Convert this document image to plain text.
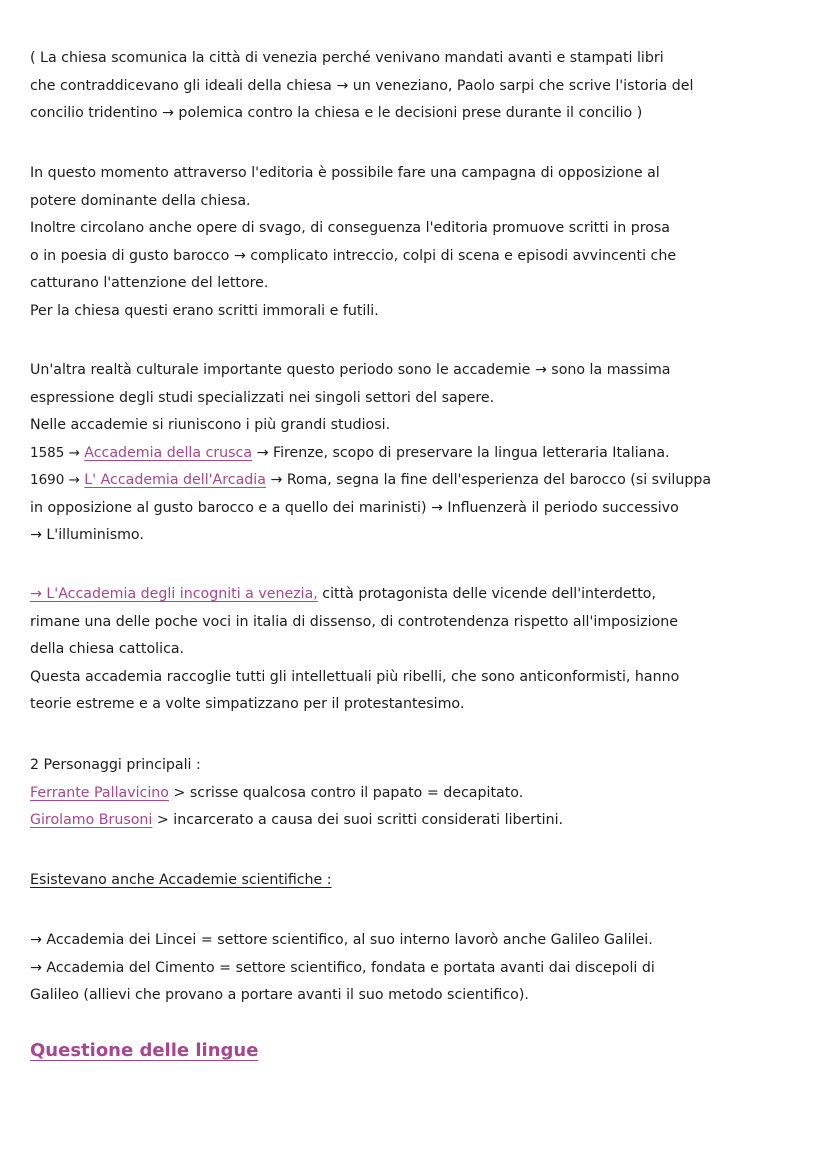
( La chiesa scomunica la città di venezia perché venivano mandati avanti e stampati libri
che contraddicevano gli ideali della chiesa → un veneziano, Paolo sarpi che scrive l'istoria del
concilio tridentino → polemica contro la chiesa e le decisioni prese durante il concilio )
In questo momento attraverso l'editoria è possibile fare una campagna di opposizione al
potere dominante della chiesa.
Inoltre circolano anche opere di svago, di conseguenza l'editoria promuove scritti in prosa
o in poesia di gusto barocco → complicato intreccio, colpi di scena e episodi avvincenti che
catturano l'attenzione del lettore.
Per la chiesa questi erano scritti immorali e futili.
Un'altra realtà culturale importante questo periodo sono le accademie → sono la massima
espressione degli studi specializzati nei singoli settori del sapere.
Nelle accademie si riuniscono i più grandi studiosi.
1585 → Accademia della crusca → Firenze, scopo di preservare la lingua letteraria Italiana.
1690 → L' Accademia dell'Arcadia → Roma, segna la fine dell'esperienza del barocco (si sviluppa
in opposizione al gusto barocco e a quello dei marinisti) → Influenzerà il periodo successivo
→ L'illuminismo.
→ L'Accademia degli incogniti a venezia, città protagonista delle vicende dell'interdetto,
rimane una delle poche voci in italia di dissenso, di controtendenza rispetto all'imposizione
della chiesa cattolica.
Questa accademia raccoglie tutti gli intellettuali più ribelli, che sono anticonformisti, hanno
teorie estreme e a volte simpatizzano per il protestantesimo.
2 Personaggi principali :
Ferrante Pallavicino > scrisse qualcosa contro il papato = decapitato.
Girolamo Brusoni > incarcerato a causa dei suoi scritti considerati libertini.
Esistevano anche Accademie scientifiche :
→ Accademia dei Lincei = settore scientifico, al suo interno lavorò anche Galileo Galilei.
→ Accademia del Cimento = settore scientifico, fondata e portata avanti dai discepoli di
Galileo (allievi che provano a portare avanti il suo metodo scientifico).
Questione delle lingue
